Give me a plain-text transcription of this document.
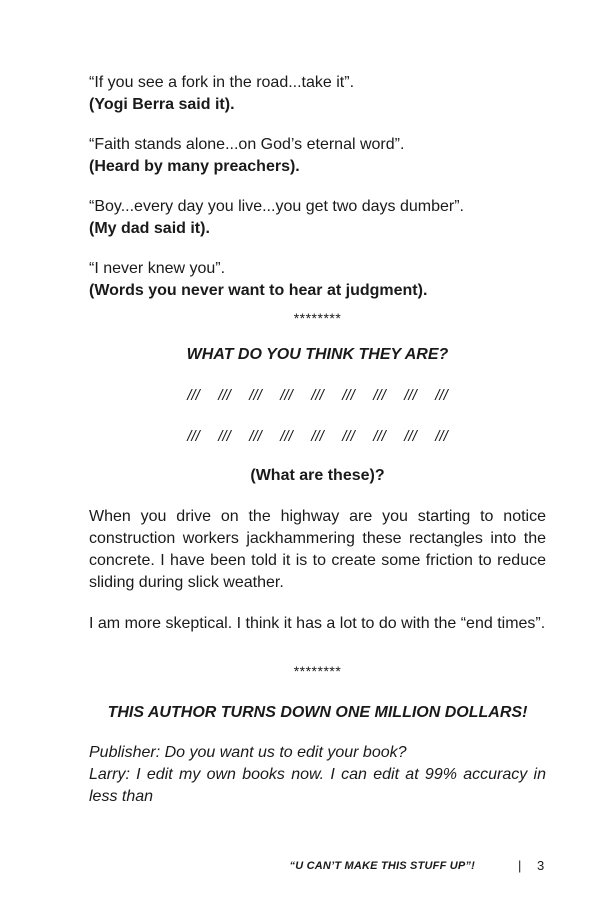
“If you see a fork in the road...take it”.
(Yogi Berra said it).
“Faith stands alone...on God’s eternal word”.
(Heard by many preachers).
“Boy...every day you live...you get two days dumber”.
(My dad said it).
“I never knew you”.
(Words you never want to hear at judgment).
********
WHAT DO YOU THINK THEY ARE?
/// /// /// /// /// /// /// /// ///
/// /// /// /// /// /// /// /// ///
(What are these)?
When you drive on the highway are you starting to notice construction workers jackhammering these rectangles into the concrete. I have been told it is to create some friction to reduce sliding during slick weather.
I am more skeptical. I think it has a lot to do with the “end times”.
********
THIS AUTHOR TURNS DOWN ONE MILLION DOLLARS!
Publisher: Do you want us to edit your book?
Larry: I edit my own books now. I can edit at 99% accuracy in less than
“U CAN’T MAKE THIS STUFF UP”!	| 3
